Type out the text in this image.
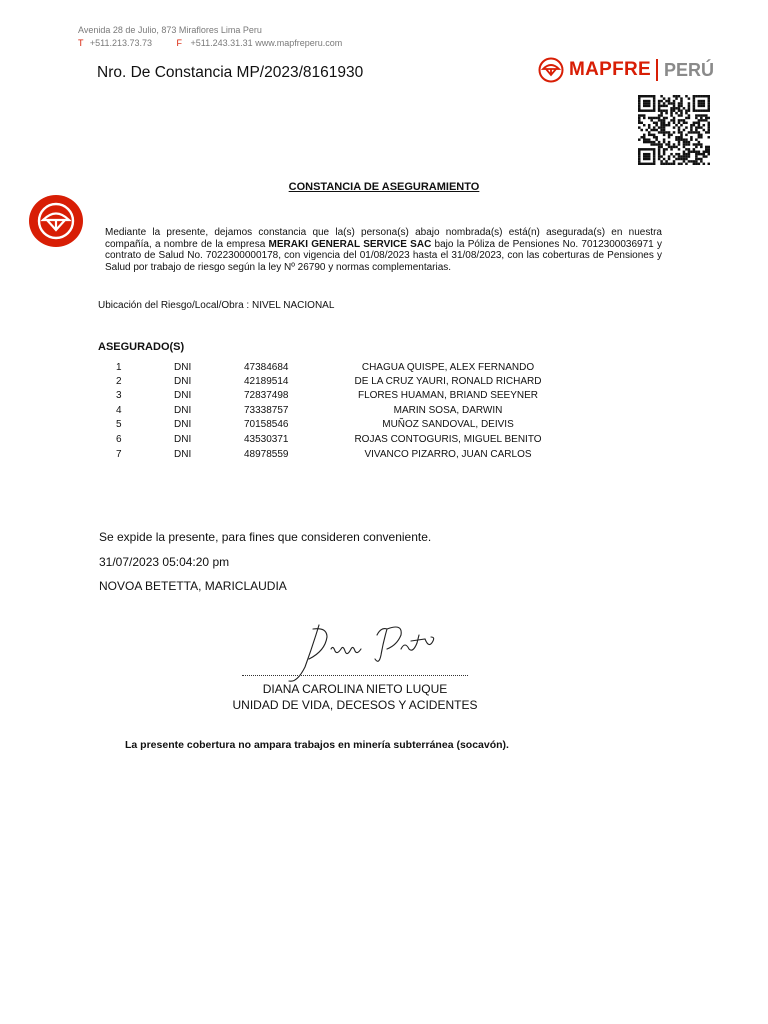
Avenida 28 de Julio, 873 Miraflores Lima Peru
T +511.213.73.73	F +511.243.31.31 www.mapfreperu.com
Nro. De Constancia MP/2023/8161930	MAPFRE PERÚ
CONSTANCIA DE ASEGURAMIENTO
Mediante la presente, dejamos constancia que la(s) persona(s) abajo nombrada(s) está(n) asegurada(s) en nuestra compañía, a nombre de la empresa MERAKI GENERAL SERVICE SAC bajo la Póliza de Pensiones No. 7012300036971 y contrato de Salud No. 7022300000178, con vigencia del 01/08/2023 hasta el 31/08/2023, con las coberturas de Pensiones y Salud por trabajo de riesgo según la ley Nº 26790 y normas complementarias.
Ubicación del Riesgo/Local/Obra : NIVEL NACIONAL
ASEGURADO(S)
1	DNI	47384684	CHAGUA QUISPE, ALEX FERNANDO
2	DNI	42189514	DE LA CRUZ YAURI, RONALD RICHARD
3	DNI	72837498	FLORES HUAMAN, BRIAND SEEYNER
4	DNI	73338757	MARIN SOSA, DARWIN
5	DNI	70158546	MUÑOZ SANDOVAL, DEIVIS
6	DNI	43530371	ROJAS CONTOGURIS, MIGUEL BENITO
7	DNI	48978559	VIVANCO PIZARRO, JUAN CARLOS
Se expide la presente, para fines que consideren conveniente.
31/07/2023 05:04:20 pm
NOVOA BETETTA, MARICLAUDIA
DIANA CAROLINA NIETO LUQUE
UNIDAD DE VIDA, DECESOS Y ACIDENTES
La presente cobertura no ampara trabajos en minería subterránea (socavón).
